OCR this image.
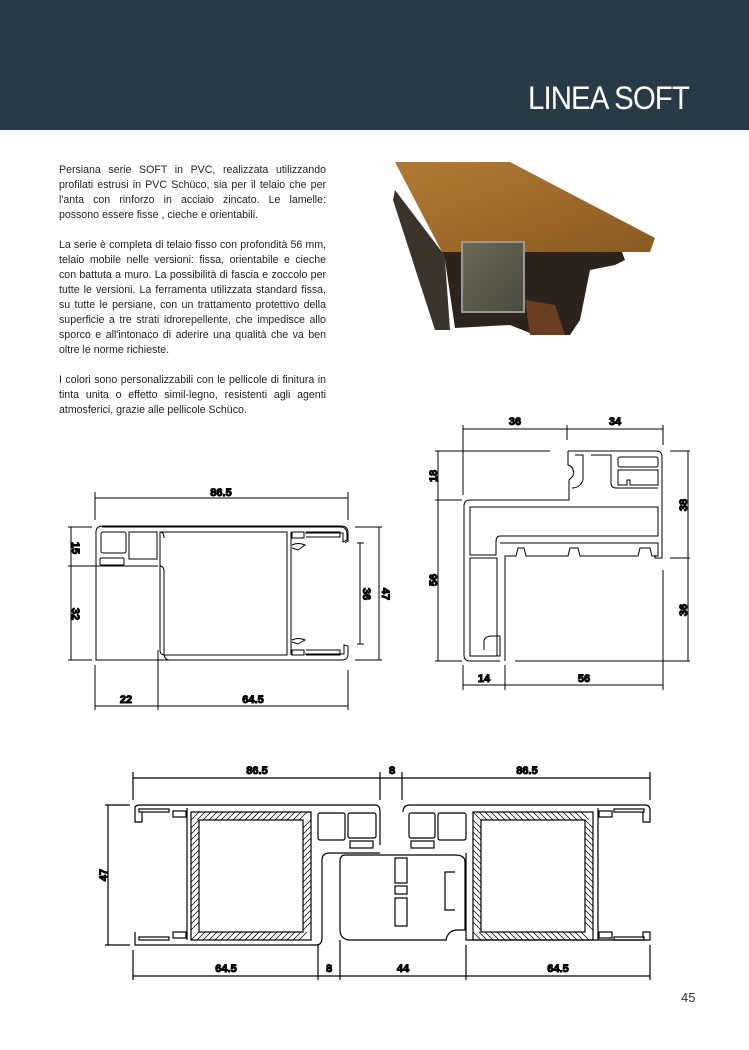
LINEA SOFT

Persiana serie SOFT in PVC, realizzata utilizzando profilati estrusi in PVC Schüco, sia per il telaio che per l'anta con rinforzo in acciaio zincato. Le lamelle: possono essere fisse , cieche e orientabili.

La serie è completa di telaio fisso con profondità 56 mm, telaio mobile nelle versioni: fissa, orientabile e cieche con battuta a muro. La possibilità di fascia e zoccolo per tutte le versioni. La ferramenta utilizzata standard fissa, su tutte le persiane, con un trattamento protettivo della superficie a tre strati idrorepellente, che impedisce allo sporco e all'intonaco di aderire una qualità che va ben oltre le norme richieste.

I colori sono personalizzabili con le pellicole di finitura in tinta unita o effetto simil-legno, resistenti agli agenti atmosferici, grazie alle pellicole Schüco.

86.5
15
32
36 47
22	64.5
36	34
18
56
38
36
14	56
86.5	8	86.5
47
64.5	8	44	64.5
45
